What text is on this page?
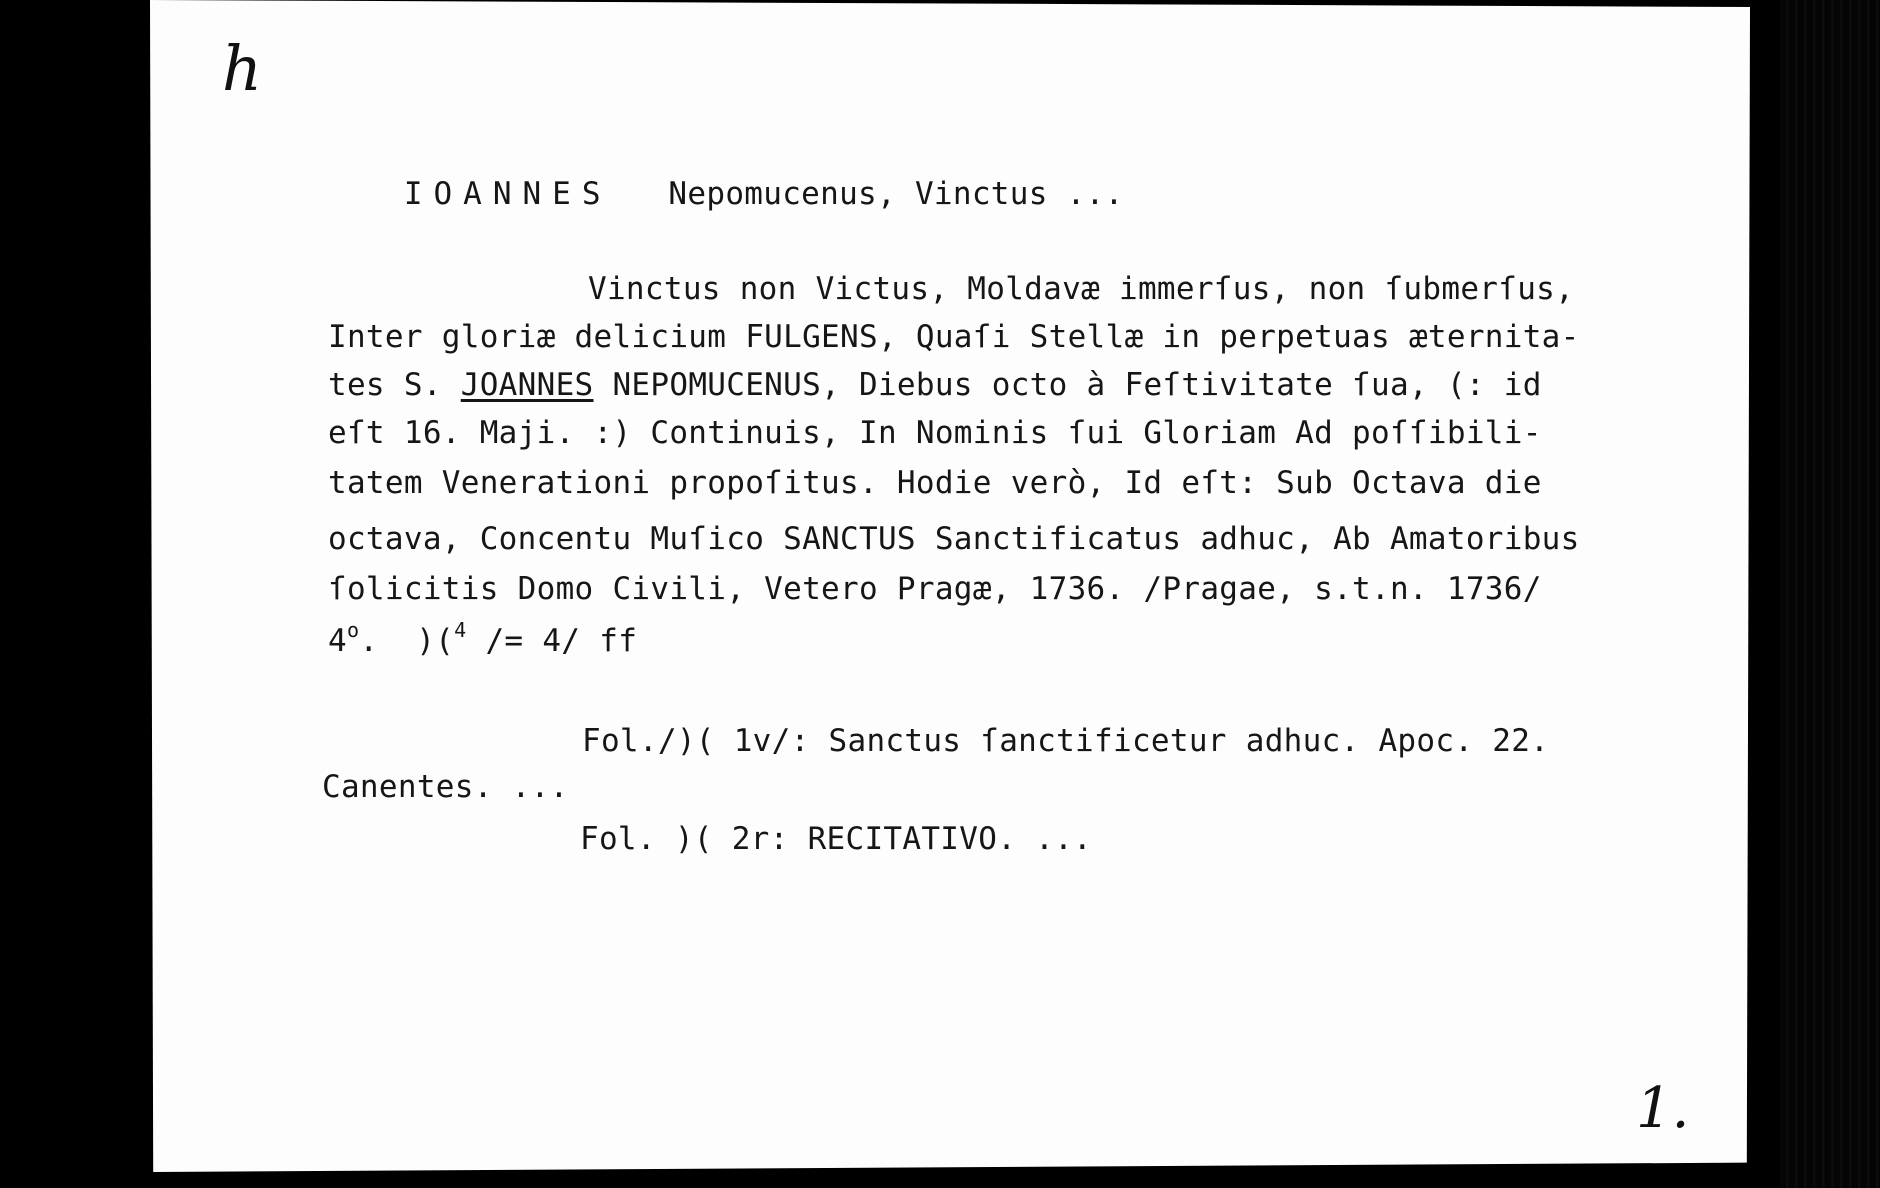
h

IOANNES Nepomucenus, Vinctus ...

Vinctus non Victus, Moldavæ immerſus, non ſubmerſus,
Inter gloriæ delicium FULGENS, Quaſi Stellæ in perpetuas æternita-
tes S. JOANNES NEPOMUCENUS, Diebus octo à Feſtivitate ſua, (: id
eſt 16. Maji. :) Continuis, In Nominis ſui Gloriam Ad poſſibili-
tatem Venerationi propoſitus. Hodie verò, Id eſt: Sub Octava die
octava, Concentu Muſico SANCTUS Sanctificatus adhuc, Ab Amatoribus
ſolicitis Domo Civili, Vetero Pragæ, 1736. /Pragae, s.t.n. 1736/
4$^o$.  )($^4$ /= 4/ ff
Fol./)( 1v/: Sanctus ſanctificetur adhuc. Apoc. 22.
Canentes. ...
Fol. )( 2r: RECITATIVO. ...
1.
